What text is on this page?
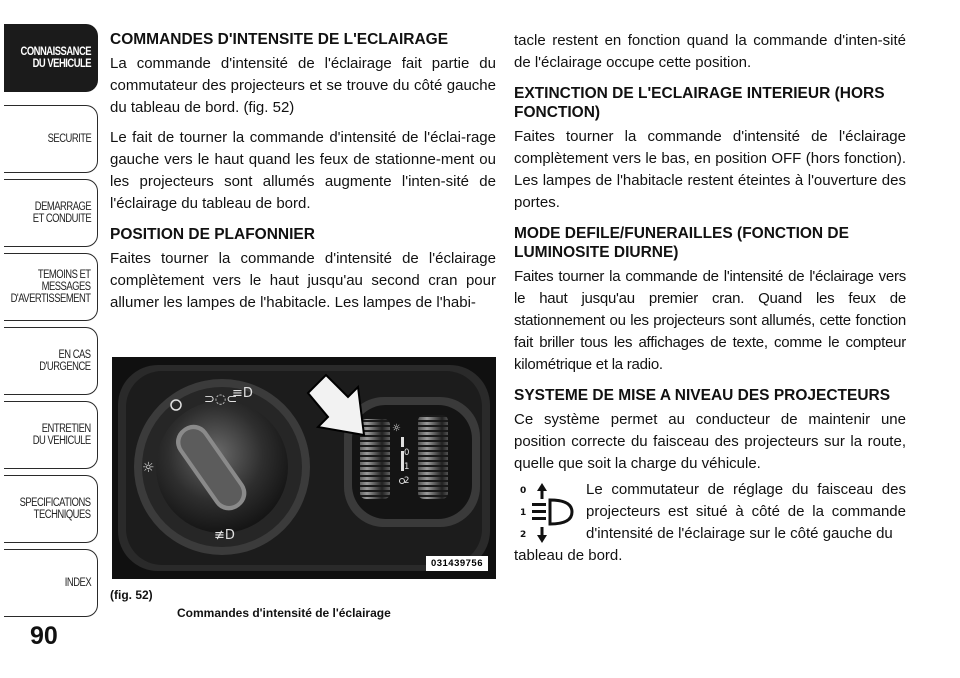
CONNAISSANCE
DU VEHICULE
SECURITE
DEMARRAGE
ET CONDUITE
TEMOINS ET
MESSAGES
D'AVERTISSEMENT
EN CAS
D'URGENCE
ENTRETIEN
DU VEHICULE
SPECIFICATIONS
TECHNIQUES
INDEX
90
COMMANDES D'INTENSITE DE L'ECLAIRAGE

La commande d'intensité de l'éclairage fait partie du commutateur des projecteurs et se trouve du côté gauche du tableau de bord. (fig. 52)

Le fait de tourner la commande d'intensité de l'éclai-rage gauche vers le haut quand les feux de stationne-ment ou les projecteurs sont allumés augmente l'inten-sité de l'éclairage du tableau de bord.

POSITION DE PLAFONNIER

Faites tourner la commande d'intensité de l'éclairage complètement vers le haut jusqu'au second cran pour allumer les lampes de l'habitacle. Les lampes de l'habi-

⊃◌⊂
≡D
☼
≢D
☼
0
1
2
031439756
(fig. 52)
Commandes d'intensité de l'éclairage

tacle restent en fonction quand la commande d'inten-sité de l'éclairage occupe cette position.

EXTINCTION DE L'ECLAIRAGE INTERIEUR (HORS FONCTION)

Faites tourner la commande d'intensité de l'éclairage complètement vers le bas, en position OFF (hors fonction). Les lampes de l'habitacle restent éteintes à l'ouverture des portes.

MODE DEFILE/FUNERAILLES (FONCTION DE LUMINOSITE DIURNE)

Faites tourner la commande de l'intensité de l'éclairage vers le haut jusqu'au premier cran. Quand les feux de stationnement ou les projecteurs sont allumés, cette fonction fait briller tous les affichages de texte, comme le compteur kilométrique et la radio.

SYSTEME DE MISE A NIVEAU DES PROJECTEURS

Ce système permet au conducteur de maintenir une position correcte du faisceau des projecteurs sur la route, quelle que soit la charge du véhicule.

0
1
2

Le commutateur de réglage du faisceau des projecteurs est situé à côté de la commande d'intensité de l'éclairage sur le côté gauche du

tableau de bord.
